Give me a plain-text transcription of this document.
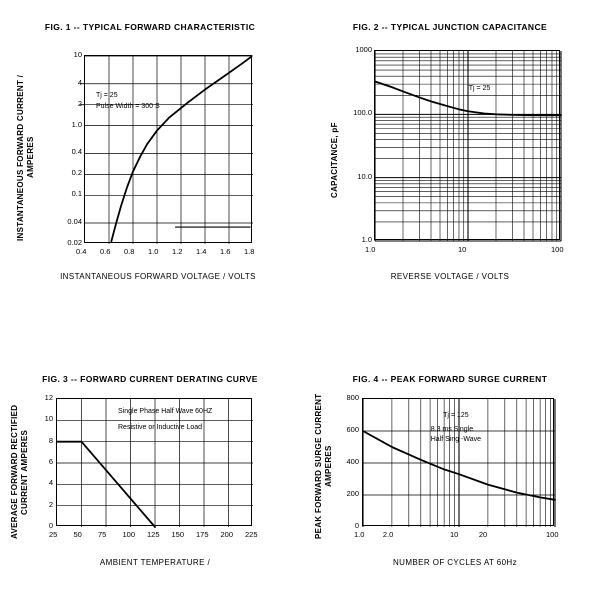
FIG. 1 -- TYPICAL FORWARD CHARACTERISTIC
INSTANTANEOUS FORWARD CURRENT / AMPERES
INSTANTANEOUS FORWARD VOLTAGE / VOLTS
0.4 0.6 0.8 1.0 1.2 1.4 1.6 1.8
10
4
2
1.0
0.4
0.2
0.1
0.04
0.02
Tj = 25
Pulse Width = 300 S
FIG. 2 -- TYPICAL JUNCTION CAPACITANCE
CAPACITANCE, pF
REVERSE VOLTAGE / VOLTS
1.0	10	100
1000
100.0
10.0
1.0
Tj = 25
FIG. 3 -- FORWARD CURRENT DERATING CURVE
AVERAGE FORWARD RECTIFIED CURRENT AMPERES
AMBIENT TEMPERATURE /
25 50 75 100 125 150 175 200 225
12
10
8
6
4
2
0
Single Phase Half Wave 60HZ
Resistive or Inductive Load
FIG. 4 -- PEAK FORWARD SURGE CURRENT
PEAK FORWARD SURGE CURRENT AMPERES
NUMBER OF CYCLES AT 60Hz
1.0 2.0	10	20	100
800
600
400
200
0
Tj = 125
8.3 ms Single
Half Sing -Wave
